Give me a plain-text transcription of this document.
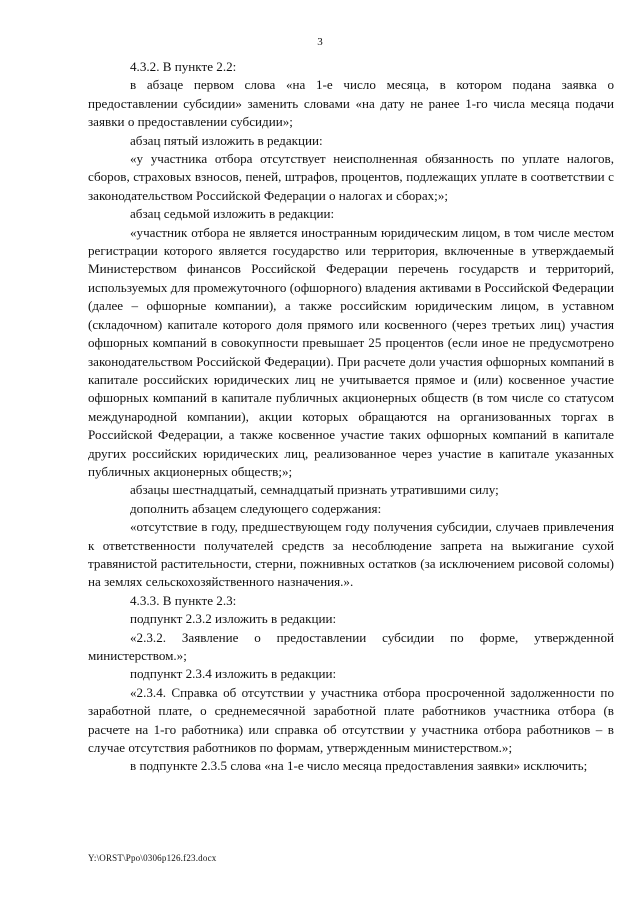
3

4.3.2. В пункте 2.2:

в абзаце первом слова «на 1-е число месяца, в котором подана заявка о предоставлении субсидии» заменить словами «на дату не ранее 1-го числа месяца подачи заявки о предоставлении субсидии»;

абзац пятый изложить в редакции:

«у участника отбора отсутствует неисполненная обязанность по уплате налогов, сборов, страховых взносов, пеней, штрафов, процентов, подлежащих уплате в соответствии с законодательством Российской Федерации о налогах и сборах;»;

абзац седьмой изложить в редакции:

«участник отбора не является иностранным юридическим лицом, в том числе местом регистрации которого является государство или территория, включенные в утверждаемый Министерством финансов Российской Федерации перечень государств и территорий, используемых для промежуточного (офшорного) владения активами в Российской Федерации (далее – офшорные компании), а также российским юридическим лицом, в уставном (складочном) капитале которого доля прямого или косвенного (через третьих лиц) участия офшорных компаний в совокупности превышает 25 процентов (если иное не предусмотрено законодательством Российской Федерации). При расчете доли участия офшорных компаний в капитале российских юридических лиц не учитывается прямое и (или) косвенное участие офшорных компаний в капитале публичных акционерных обществ (в том числе со статусом международной компании), акции которых обращаются на организованных торгах в Российской Федерации, а также косвенное участие таких офшорных компаний в капитале других российских юридических лиц, реализованное через участие в капитале указанных публичных акционерных обществ;»;

абзацы шестнадцатый, семнадцатый признать утратившими силу;

дополнить абзацем следующего содержания:

«отсутствие в году, предшествующем году получения субсидии, случаев привлечения к ответственности получателей средств за несоблюдение запрета на выжигание сухой травянистой растительности, стерни, пожнивных остатков (за исключением рисовой соломы) на землях сельскохозяйственного назначения.».

4.3.3. В пункте 2.3:

подпункт 2.3.2 изложить в редакции:

«2.3.2. Заявление о предоставлении субсидии по форме, утвержденной министерством.»;

подпункт 2.3.4 изложить в редакции:

«2.3.4. Справка об отсутствии у участника отбора просроченной задолженности по заработной плате, о среднемесячной заработной плате работников участника отбора (в расчете на 1-го работника) или справка об отсутствии у участника отбора работников – в случае отсутствия работников по формам, утвержденным министерством.»;

в подпункте 2.3.5 слова «на 1-е число месяца предоставления заявки» исключить;

Y:\ORST\Ppo\0306p126.f23.docx
